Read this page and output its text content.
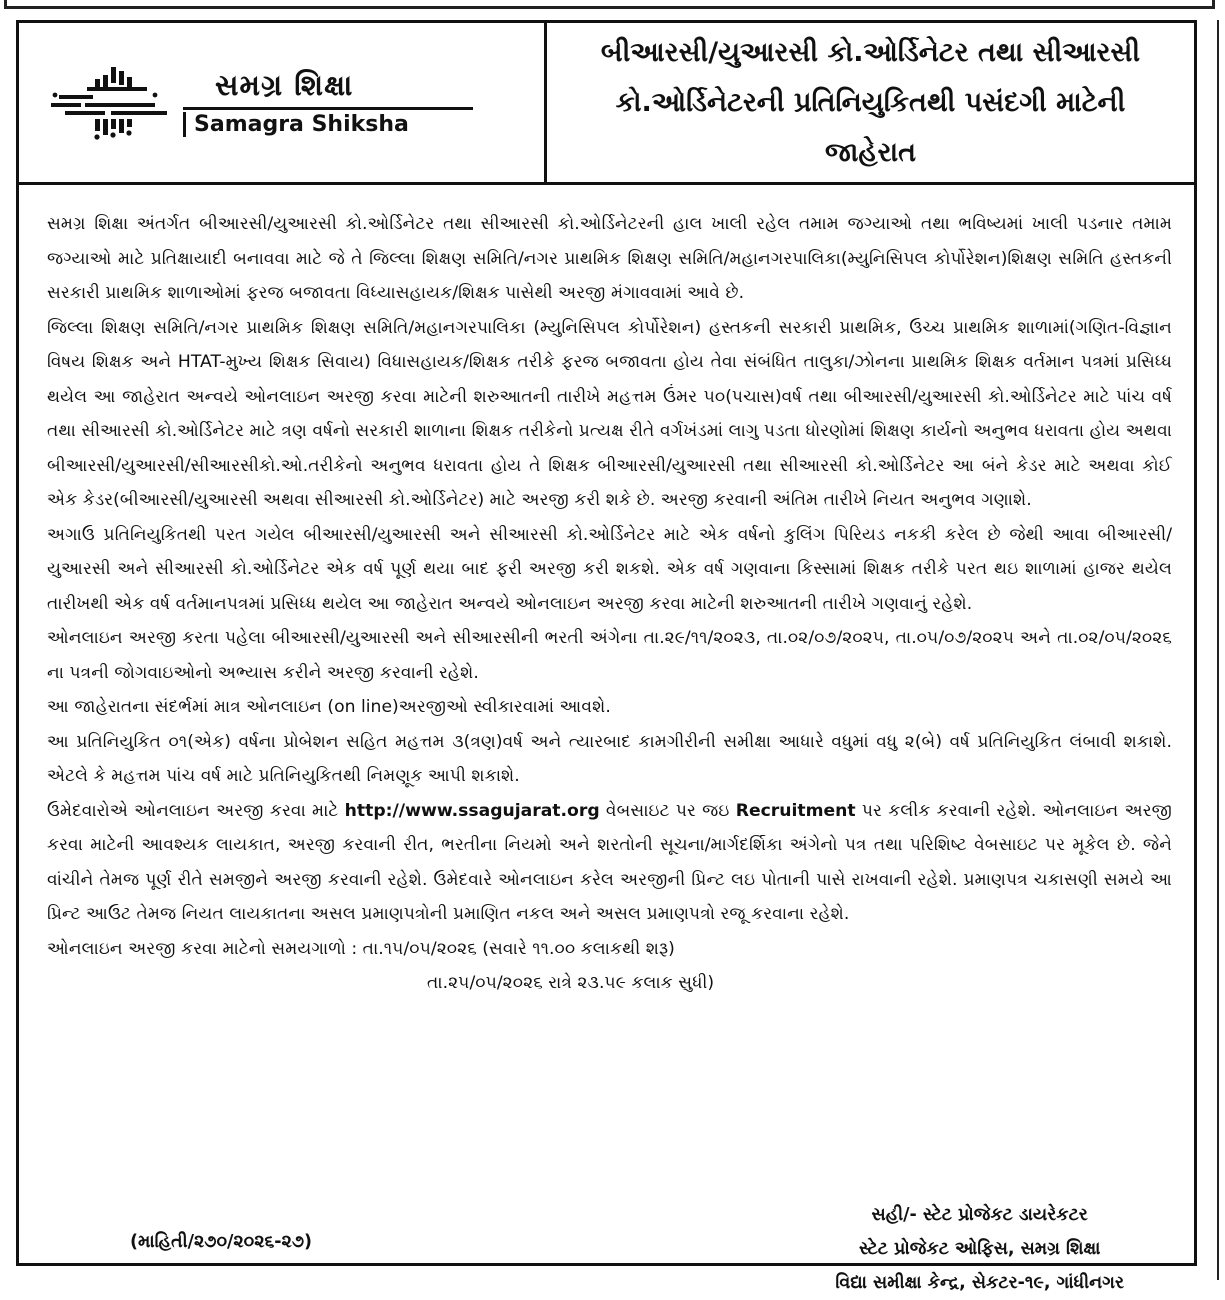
સમગ્ર શિક્ષા
Samagra Shiksha
બીઆરસી/યુઆરસી કો.ઓર્ડિનેટર તથા સીઆરસી
કો.ઓર્ડિનેટરની પ્રતિનિયુકિતથી પસંદગી માટેની
જાહેરાત

સમગ્ર શિક્ષા અંતર્ગત બીઆરસી/યુઆરસી કો.ઓર્ડિનેટર તથા સીઆરસી કો.ઓર્ડિનેટરની હાલ ખાલી રહેલ તમામ જગ્યાઓ તથા ભવિષ્યમાં ખાલી પડનાર તમામ જગ્યાઓ માટે પ્રતિક્ષાયાદી બનાવવા માટે જે તે જિલ્લા શિક્ષણ સમિતિ/નગર પ્રાથમિક શિક્ષણ સમિતિ/મહાનગરપાલિકા(મ્યુનિસિપલ કોર્પોરેશન)શિક્ષણ સમિતિ હસ્તકની સરકારી પ્રાથમિક શાળાઓમાં ફરજ બજાવતા વિધ્યાસહાયક/શિક્ષક પાસેથી અરજી મંગાવવામાં આવે છે.

જિલ્લા શિક્ષણ સમિતિ/નગર પ્રાથમિક શિક્ષણ સમિતિ/મહાનગરપાલિકા (મ્યુનિસિપલ કોર્પોરેશન) હસ્તકની સરકારી પ્રાથમિક, ઉચ્ચ પ્રાથમિક શાળામાં(ગણિત-વિજ્ઞાન વિષય શિક્ષક અને HTAT-મુખ્ય શિક્ષક સિવાય) વિધાસહાયક/શિક્ષક તરીકે ફરજ બજાવતા હોય તેવા સંબંધિત તાલુકા/ઝોનના પ્રાથમિક શિક્ષક વર્તમાન પત્રમાં પ્રસિધ્ધ થયેલ આ જાહેરાત અન્વયે ઓનલાઇન અરજી કરવા માટેની શરુઆતની તારીખે મહત્તમ ઉંમર ૫૦(પચાસ)વર્ષ તથા બીઆરસી/યુઆરસી કો.ઓર્ડિનેટર માટે પાંચ વર્ષ તથા સીઆરસી કો.ઓર્ડિનેટર માટે ત્રણ વર્ષનો સરકારી શાળાના શિક્ષક તરીકેનો પ્રત્યક્ષ રીતે વર્ગખંડમાં લાગુ પડતા ધોરણોમાં શિક્ષણ કાર્યનો અનુભવ ધરાવતા હોય અથવા બીઆરસી/યુઆરસી/સીઆરસીકો.ઓ.તરીકેનો અનુભવ ધરાવતા હોય તે શિક્ષક બીઆરસી/યુઆરસી તથા સીઆરસી કો.ઓર્ડિનેટર આ બંને કેડર માટે અથવા કોઈ એક કેડર(બીઆરસી/યુઆરસી અથવા સીઆરસી કો.ઓર્ડિનેટર) માટે અરજી કરી શકે છે. અરજી કરવાની અંતિમ તારીખે નિયત અનુભવ ગણાશે.

અગાઉ પ્રતિનિયુકિતથી પરત ગયેલ બીઆરસી/યુઆરસી અને સીઆરસી કો.ઓર્ડિનેટર માટે એક વર્ષનો કુલિંગ પિરિયડ નકકી કરેલ છે જેથી આવા બીઆરસી/યુઆરસી અને સીઆરસી કો.ઓર્ડિનેટર એક વર્ષ પૂર્ણ થયા બાદ ફરી અરજી કરી શકશે. એક વર્ષ ગણવાના કિસ્સામાં શિક્ષક તરીકે પરત થઇ શાળામાં હાજર થયેલ તારીખથી એક વર્ષ વર્તમાનપત્રમાં પ્રસિધ્ધ થયેલ આ જાહેરાત અન્વયે ઓનલાઇન અરજી કરવા માટેની શરુઆતની તારીખે ગણવાનું રહેશે.

ઓનલાઇન અરજી કરતા પહેલા બીઆરસી/યુઆરસી અને સીઆરસીની ભરતી અંગેના તા.૨૯/૧૧/૨૦૨૩, તા.૦૨/૦૭/૨૦૨૫, તા.૦૫/૦૭/૨૦૨૫ અને તા.૦૨/૦૫/૨૦૨૬ ના પત્રની જોગવાઇઓનો અભ્યાસ કરીને અરજી કરવાની રહેશે.

આ જાહેરાતના સંદર્ભમાં માત્ર ઓનલાઇન (on line)અરજીઓ સ્વીકારવામાં આવશે.

આ પ્રતિનિયુકિત ૦૧(એક) વર્ષના પ્રોબેશન સહિત મહત્તમ ૩(ત્રણ)વર્ષ અને ત્યારબાદ કામગીરીની સમીક્ષા આધારે વધુમાં વધુ ૨(બે) વર્ષ પ્રતિનિયુકિત લંબાવી શકાશે. એટલે કે મહત્તમ પાંચ વર્ષ માટે પ્રતિનિયુકિતથી નિમણૂક આપી શકાશે.

ઉમેદવારોએ ઓનલાઇન અરજી કરવા માટે http://www.ssagujarat.org વેબસાઇટ પર જઇ Recruitment પર કલીક કરવાની રહેશે. ઓનલાઇન અરજી કરવા માટેની આવશ્યક લાયકાત, અરજી કરવાની રીત, ભરતીના નિયમો અને શરતોની સૂચના/માર્ગદર્શિકા અંગેનો પત્ર તથા પરિશિષ્ટ વેબસાઇટ પર મૂકેલ છે. જેને વાંચીને તેમજ પૂર્ણ રીતે સમજીને અરજી કરવાની રહેશે. ઉમેદવારે ઓનલાઇન કરેલ અરજીની પ્રિન્ટ લઇ પોતાની પાસે રાખવાની રહેશે. પ્રમાણપત્ર ચકાસણી સમયે આ પ્રિન્ટ આઉટ તેમજ નિયત લાયકાતના અસલ પ્રમાણપત્રોની પ્રમાણિત નકલ અને અસલ પ્રમાણપત્રો રજૂ કરવાના રહેશે.

ઓનલાઇન અરજી કરવા માટેનો સમયગાળો : તા.૧૫/૦૫/૨૦૨૬ (સવારે ૧૧.૦૦ કલાકથી શરૂ)

તા.૨૫/૦૫/૨૦૨૬ રાત્રે ૨૩.૫૯ કલાક સુધી)

સહી/- સ્ટેટ પ્રોજેકટ ડાયરેકટર
સ્ટેટ પ્રોજેકટ ઓફિસ, સમગ્ર શિક્ષા
વિદ્યા સમીક્ષા કેન્દ્ર, સેકટર-૧૯, ગાંધીનગર
(માહિતી/૨૭૦/૨૦૨૬-૨૭)
